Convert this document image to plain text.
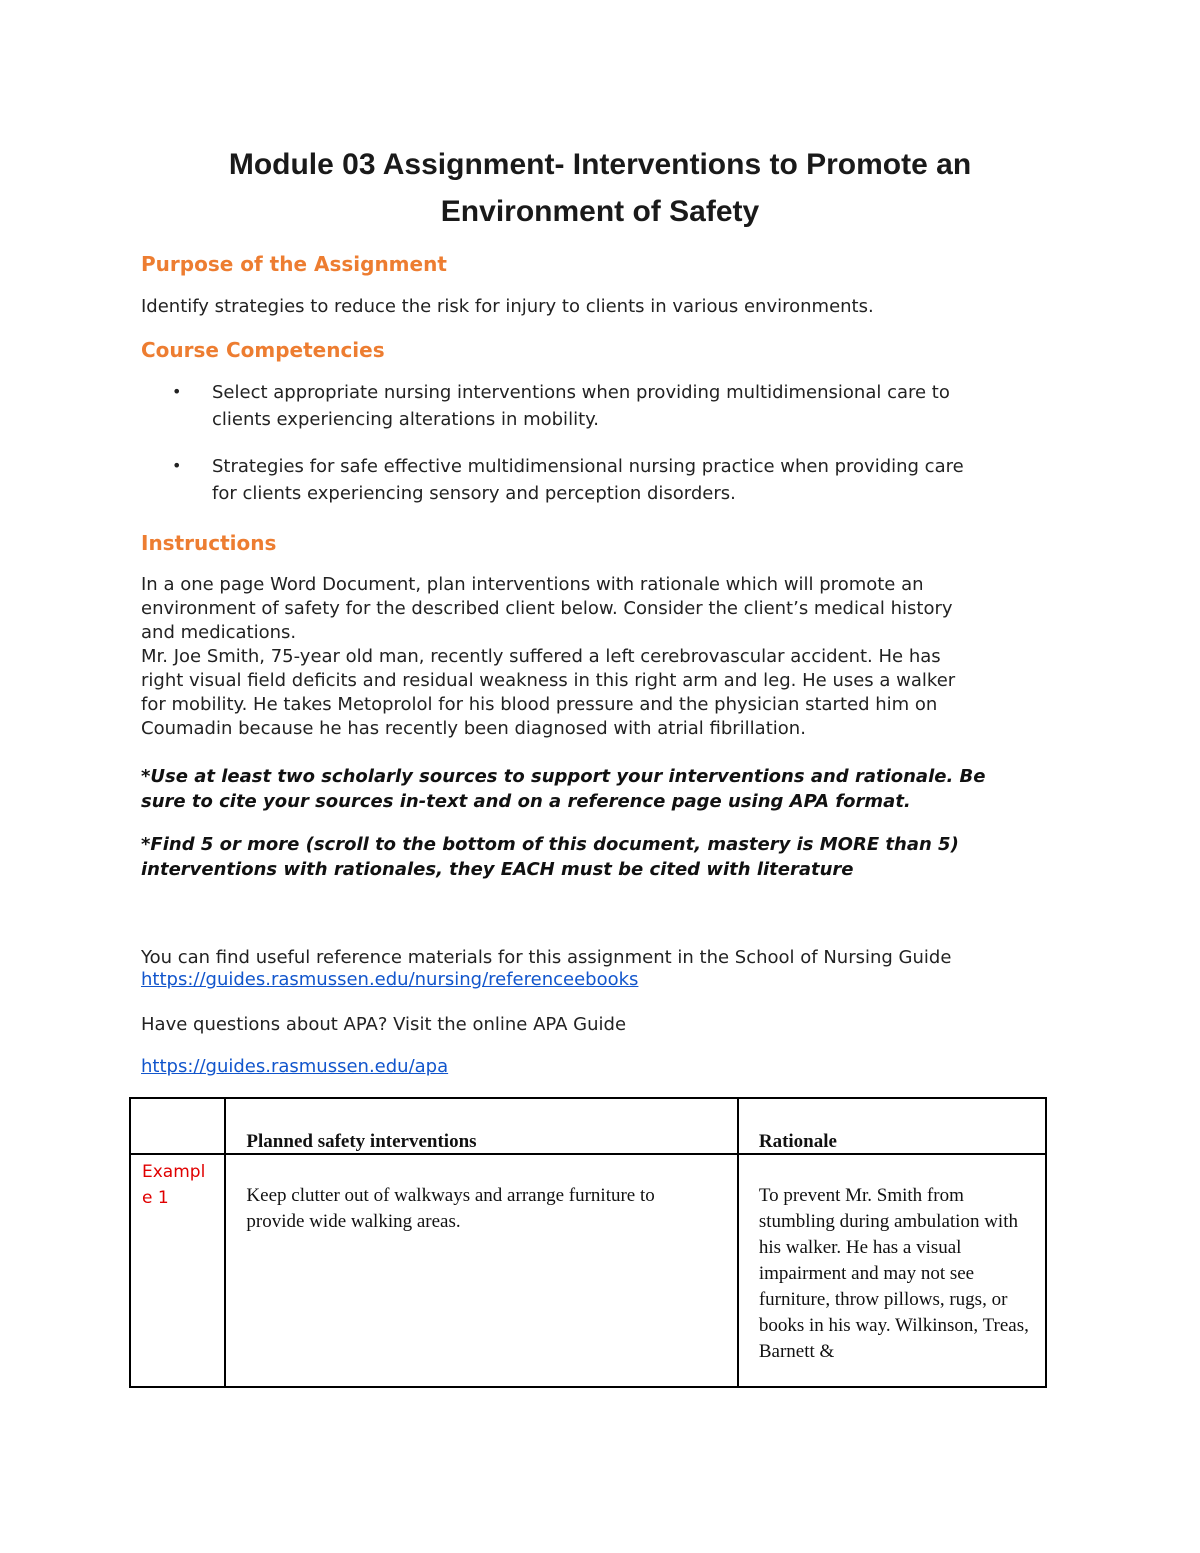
Module 03 Assignment- Interventions to Promote an
Environment of Safety
Purpose of the Assignment
Identify strategies to reduce the risk for injury to clients in various environments.
Course Competencies
• Select appropriate nursing interventions when providing multidimensional care to
clients experiencing alterations in mobility.
• Strategies for safe effective multidimensional nursing practice when providing care
for clients experiencing sensory and perception disorders.
Instructions

In a one page Word Document, plan interventions with rationale which will promote an

environment of safety for the described client below. Consider the client’s medical history

and medications.

Mr. Joe Smith, 75-year old man, recently suffered a left cerebrovascular accident. He has

right visual field deficits and residual weakness in this right arm and leg. He uses a walker

for mobility. He takes Metoprolol for his blood pressure and the physician started him on

Coumadin because he has recently been diagnosed with atrial fibrillation.

*Use at least two scholarly sources to support your interventions and rationale. Be
sure to cite your sources in-text and on a reference page using APA format.
*Find 5 or more (scroll to the bottom of this document, mastery is MORE than 5)
interventions with rationales, they EACH must be cited with literature
You can find useful reference materials for this assignment in the School of Nursing Guide
https://guides.rasmussen.edu/nursing/referenceebooks
Have questions about APA? Visit the online APA Guide
https://guides.rasmussen.edu/apa
	Planned safety interventions	Rationale

Example 1	Keep clutter out of walkways and arrange furniture to provide wide walking areas.	To prevent Mr. Smith from stumbling during ambulation with his walker. He has a visual impairment and may not see furniture, throw pillows, rugs, or books in his way. Wilkinson, Treas, Barnett &
